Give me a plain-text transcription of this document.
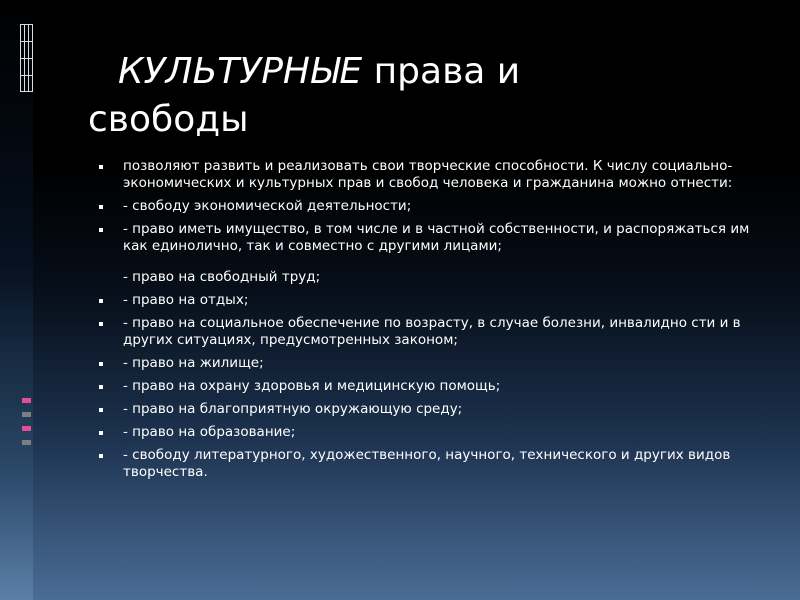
КУЛЬТУРНЫЕ права и
свободы
позволяют развить и реализовать свои творческие способности. К числу социально-экономических и культурных прав и свобод человека и гражданина можно отнести:
- свободу экономической деятельности;
- право иметь имущество, в том числе и в частной собственности, и распоряжаться им как единолично, так и совместно с другими лицами;
- право на свободный труд;
- право на отдых;
- право на социальное обеспечение по возрасту, в случае болезни, инвалидно сти и в других ситуациях, предусмотренных законом;
- право на жилище;
- право на охрану здоровья и медицинскую помощь;
- право на благоприятную окружающую среду;
- право на образование;
- свободу литературного, художественного, научного, технического и других видов творчества.
